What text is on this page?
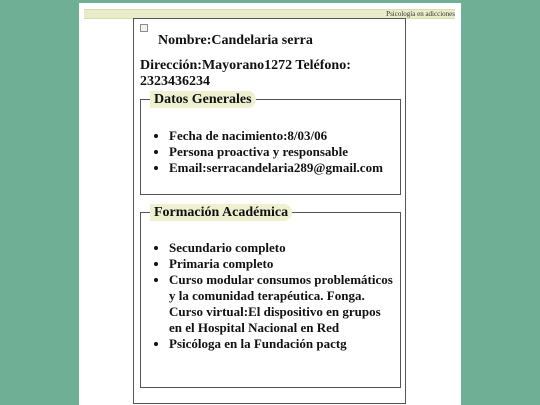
Psicología en adicciones
Nombre:Candelaria serra
Dirección:Mayorano1272 Teléfono: 2323436234
Datos Generales
• Fecha de nacimiento:8/03/06
• Persona proactiva y responsable
• Email:serracandelaria289@gmail.com
Formación Académica
• Secundario completo
• Primaria completo
• Curso modular consumos problemáticos y la comunidad terapéutica. Fonga. Curso virtual:El dispositivo en grupos en el Hospital Nacional en Red
• Psicóloga en la Fundación pactg
